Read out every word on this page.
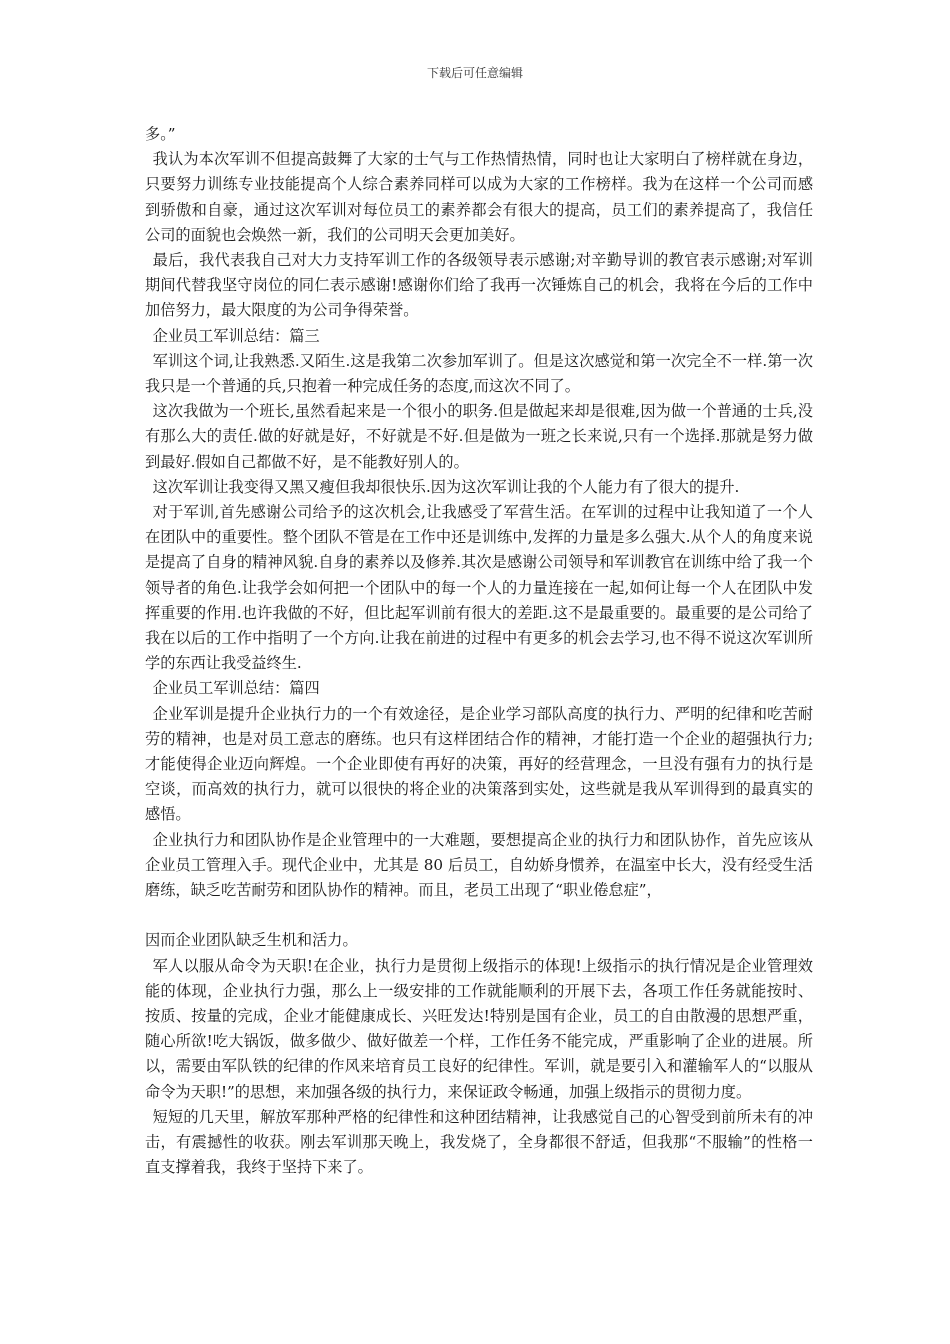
下载后可任意编辑

多。”

我认为本次军训不但提高鼓舞了大家的士气与工作热情热情，同时也让大家明白了榜样就在身边，只要努力训练专业技能提高个人综合素养同样可以成为大家的工作榜样。我为在这样一个公司而感到骄傲和自豪，通过这次军训对每位员工的素养都会有很大的提高，员工们的素养提高了，我信任公司的面貌也会焕然一新，我们的公司明天会更加美好。

最后，我代表我自己对大力支持军训工作的各级领导表示感谢;对辛勤导训的教官表示感谢;对军训期间代替我坚守岗位的同仁表示感谢!感谢你们给了我再一次锤炼自己的机会，我将在今后的工作中加倍努力，最大限度的为公司争得荣誉。

企业员工军训总结：篇三

军训这个词,让我熟悉.又陌生.这是我第二次参加军训了。但是这次感觉和第一次完全不一样.第一次我只是一个普通的兵,只抱着一种完成任务的态度,而这次不同了。

这次我做为一个班长,虽然看起来是一个很小的职务.但是做起来却是很难,因为做一个普通的士兵,没有那么大的责任.做的好就是好，不好就是不好.但是做为一班之长来说,只有一个选择.那就是努力做到最好.假如自己都做不好，是不能教好别人的。

这次军训让我变得又黑又瘦但我却很快乐.因为这次军训让我的个人能力有了很大的提升.

对于军训,首先感谢公司给予的这次机会,让我感受了军营生活。在军训的过程中让我知道了一个人在团队中的重要性。整个团队不管是在工作中还是训练中,发挥的力量是多么强大.从个人的角度来说是提高了自身的精神风貌.自身的素养以及修养.其次是感谢公司领导和军训教官在训练中给了我一个领导者的角色.让我学会如何把一个团队中的每一个人的力量连接在一起,如何让每一个人在团队中发挥重要的作用.也许我做的不好，但比起军训前有很大的差距.这不是最重要的。最重要的是公司给了我在以后的工作中指明了一个方向.让我在前进的过程中有更多的机会去学习,也不得不说这次军训所学的东西让我受益终生.

企业员工军训总结：篇四

企业军训是提升企业执行力的一个有效途径，是企业学习部队高度的执行力、严明的纪律和吃苦耐劳的精神，也是对员工意志的磨练。也只有这样团结合作的精神，才能打造一个企业的超强执行力;才能使得企业迈向辉煌。一个企业即使有再好的决策，再好的经营理念，一旦没有强有力的执行是空谈，而高效的执行力，就可以很快的将企业的决策落到实处，这些就是我从军训得到的最真实的感悟。

企业执行力和团队协作是企业管理中的一大难题，要想提高企业的执行力和团队协作，首先应该从企业员工管理入手。现代企业中，尤其是 80 后员工，自幼娇身惯养，在温室中长大，没有经受生活磨练，缺乏吃苦耐劳和团队协作的精神。而且，老员工出现了“职业倦怠症”，

因而企业团队缺乏生机和活力。

军人以服从命令为天职!在企业，执行力是贯彻上级指示的体现!上级指示的执行情况是企业管理效能的体现，企业执行力强，那么上一级安排的工作就能顺利的开展下去，各项工作任务就能按时、按质、按量的完成，企业才能健康成长、兴旺发达!特别是国有企业，员工的自由散漫的思想严重，随心所欲!吃大锅饭，做多做少、做好做差一个样，工作任务不能完成，严重影响了企业的进展。所以，需要由军队铁的纪律的作风来培育员工良好的纪律性。军训，就是要引入和灌输军人的“以服从命令为天职!”的思想，来加强各级的执行力，来保证政令畅通，加强上级指示的贯彻力度。

短短的几天里，解放军那种严格的纪律性和这种团结精神，让我感觉自己的心智受到前所未有的冲击，有震撼性的收获。刚去军训那天晚上，我发烧了，全身都很不舒适，但我那“不服输”的性格一直支撑着我，我终于坚持下来了。
